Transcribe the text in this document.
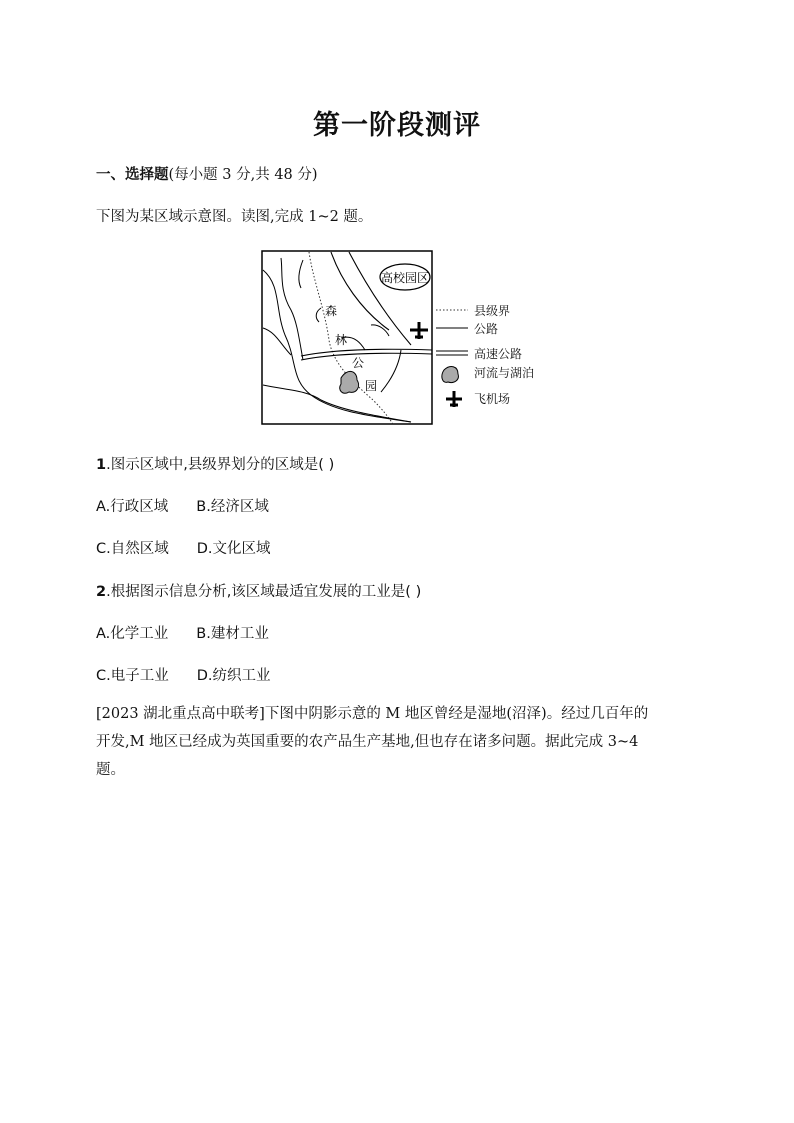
第一阶段测评
一、选择题(每小题 3 分,共 48 分)
下图为某区域示意图。读图,完成 1~2 题。
高校园区
森
林
公
园
县级界
公路
高速公路
河流与湖泊
飞机场
1.图示区域中,县级界划分的区域是( )
A.行政区域 B.经济区域
C.自然区域 D.文化区域
2.根据图示信息分析,该区域最适宜发展的工业是( )
A.化学工业 B.建材工业
C.电子工业 D.纺织工业
[2023 湖北重点高中联考]下图中阴影示意的 M 地区曾经是湿地(沼泽)。经过几百年的
开发,M 地区已经成为英国重要的农产品生产基地,但也存在诸多问题。据此完成 3~4
题。
